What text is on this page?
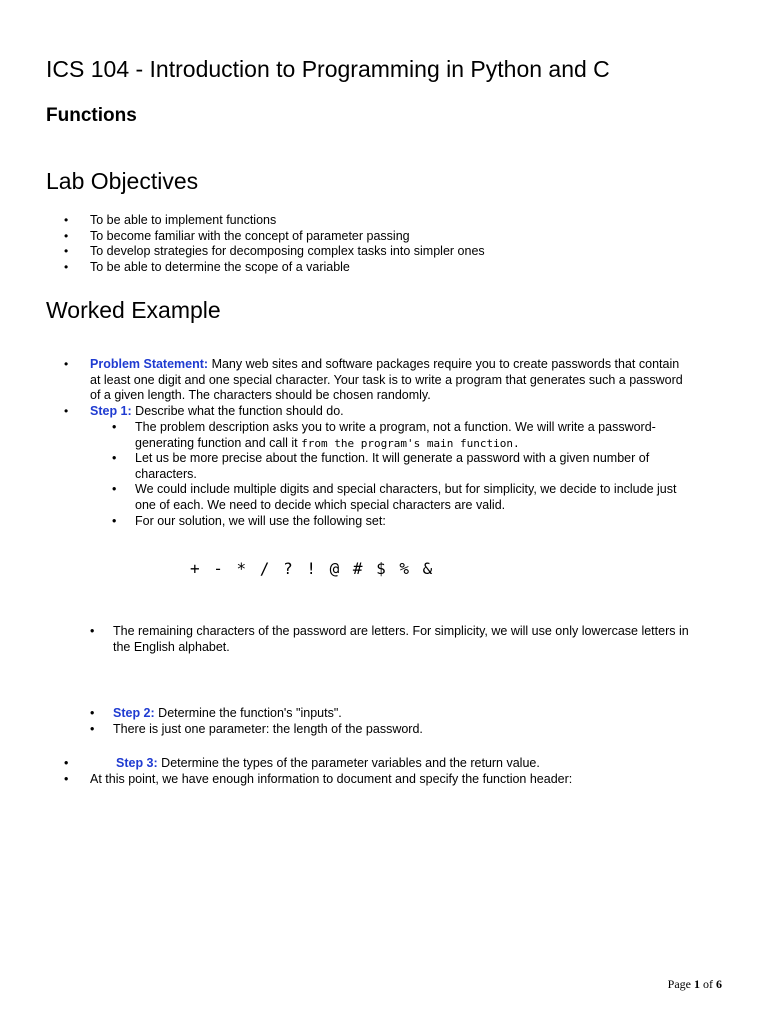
ICS 104 - Introduction to Programming in Python and C
Functions
Lab Objectives
• To be able to implement functions
• To become familiar with the concept of parameter passing
• To develop strategies for decomposing complex tasks into simpler ones
• To be able to determine the scope of a variable
Worked Example
• Problem Statement: Many web sites and software packages require you to create passwords that contain
at least one digit and one special character. Your task is to write a program that generates such a password
of a given length. The characters should be chosen randomly.
• Step 1: Describe what the function should do.
• The problem description asks you to write a program, not a function. We will write a password-
generating function and call it from the program's main function.
• Let us be more precise about the function. It will generate a password with a given number of
characters.
• We could include multiple digits and special characters, but for simplicity, we decide to include just
one of each. We need to decide which special characters are valid.
• For our solution, we will use the following set:
+ - * / ? ! @ # $ % &
• The remaining characters of the password are letters. For simplicity, we will use only lowercase letters in
the English alphabet.
• Step 2: Determine the function's "inputs".
• There is just one parameter: the length of the password.
•	Step 3: Determine the types of the parameter variables and the return value.
• At this point, we have enough information to document and specify the function header:
Page 1 of 6
